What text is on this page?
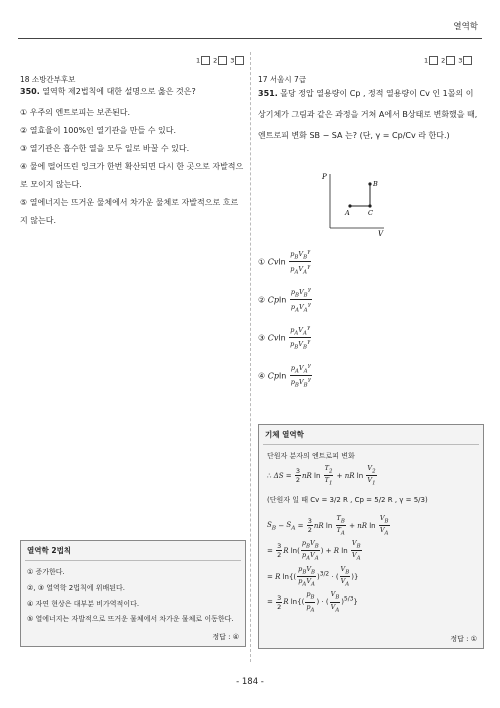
열역학
1	2	3
18 소방간부후보
350. 열역학 제2법칙에 대한 설명으로 옳은 것은?
① 우주의 엔트로피는 보존된다.
② 열효율이 100%인 열기관을 만들 수 있다.
③ 열기관은 흡수한 열을 모두 일로 바꿀 수 있다.
④ 물에 떨어뜨린 잉크가 한번 확산되면 다시 한 곳으로 자발적으로 모이지 않는다.
⑤ 열에너지는 뜨거운 물체에서 차가운 물체로 자발적으로 흐르지 않는다.
열역학 2법칙
① 증가한다.
②, ③ 열역학 2법칙에 위배된다.
④ 자연 현상은 대부분 비가역적이다.
⑤ 열에너지는 자발적으로 뜨거운 물체에서 차가운 물체로 이동한다.
정답 : ④
1	2	3
17 서울시 7급
351. 몰당 정압 열용량이 Cp , 정적 열용량이 Cv 인 1몰의 이상기체가 그림과 같은 과정을 거쳐 A에서 B상태로 변화했을 때, 엔트로피 변화 SB − SA 는? (단, γ = Cp/Cv 라 한다.)
P
V
A	C
B
① Cvln $\frac{p_BV_B^\gamma}{p_AV_A^\gamma}$
② Cpln $\frac{p_BV_B^\gamma}{p_AV_A^\gamma}$
③ Cvln $\frac{p_AV_A^\gamma}{p_BV_B^\gamma}$
④ Cpln $\frac{p_AV_A^\gamma}{p_BV_B^\gamma}$
기체 열역학
단원자 분자의 엔트로피 변화
∴ $\Delta S = \frac{3}{2}$ nR $\ln \frac{T_2}{T_1}$ + nR $\ln \frac{V_2}{V_1}$
(단원자 일 때 Cv = 3/2 R , Cp = 5/2 R , γ = 5/3)
$S_B - S_A = \frac{3}{2}$ nR $\ln \frac{T_B}{T_A}$ + nR $\ln \frac{V_B}{V_A}$
= $\frac{3}{2}$ R $\ln( \frac{p_BV_B}{p_AV_A}$ ) + R $\ln \frac{V_B}{V_A}$
= R $\ln\{( \frac{p_BV_B}{p_AV_A} )^{3/2}$ · ( $\frac{V_B}{V_A}$ )}
= $\frac{3}{2}$ R $\ln\{( \frac{p_B}{p_A}$ ) · ( $\frac{V_B}{V_A} )^{5/3}$}
정답 : ①
- 184 -
